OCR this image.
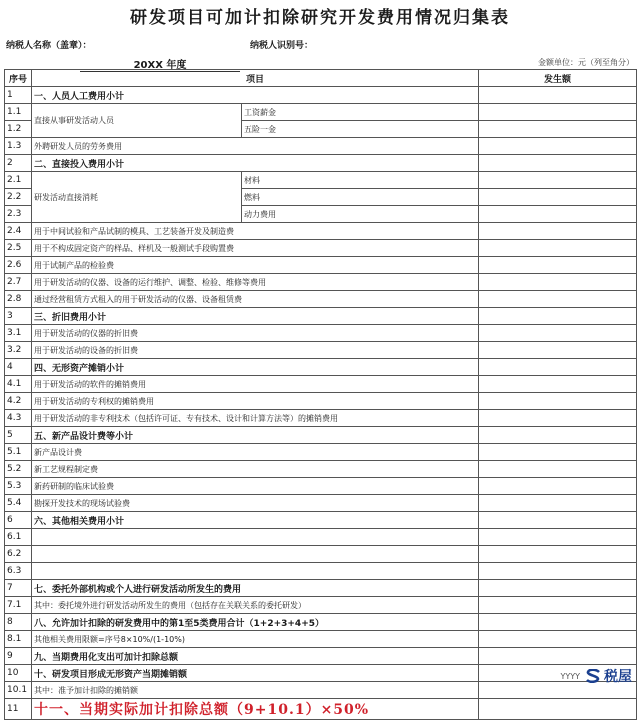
研发项目可加计扣除研究开发费用情况归集表
纳税人名称（盖章）：	纳税人识别号：
20XX 年度	金额单位：元（列至角分）
序号	项目		发生额
1	一、人员人工费用小计		
1.1	直接从事研发活动人员	工资薪金	
1.2		五险一金	
1.3	外聘研发人员的劳务费用		
2	二、直接投入费用小计		
2.1	研发活动直接消耗	材料	
2.2		燃料	
2.3		动力费用	
2.4	用于中间试验和产品试制的模具、工艺装备开发及制造费		
2.5	用于不构成固定资产的样品、样机及一般测试手段购置费		
2.6	用于试制产品的检验费		
2.7	用于研发活动的仪器、设备的运行维护、调整、检验、维修等费用		
2.8	通过经营租赁方式租入的用于研发活动的仪器、设备租赁费		
3	三、折旧费用小计		
3.1	用于研发活动的仪器的折旧费		
3.2	用于研发活动的设备的折旧费		
4	四、无形资产摊销小计		
4.1	用于研发活动的软件的摊销费用		
4.2	用于研发活动的专利权的摊销费用		
4.3	用于研发活动的非专利技术（包括许可证、专有技术、设计和计算方法等）的摊销费用		
5	五、新产品设计费等小计		
5.1	新产品设计费		
5.2	新工艺规程制定费		
5.3	新药研制的临床试验费		
5.4	勘探开发技术的现场试验费		
6	六、其他相关费用小计		
6.1			
6.2			
6.3			
7	七、委托外部机构或个人进行研发活动所发生的费用		
7.1	其中：委托境外进行研发活动所发生的费用（包括存在关联关系的委托研发）		
8	八、允许加计扣除的研发费用中的第1至5类费用合计（1+2+3+4+5）		
8.1	其他相关费用限额=序号8×10%/(1-10%)		
9	九、当期费用化支出可加计扣除总额		
10	十、研发项目形成无形资产当期摊销额		
10.1	其中：准予加计扣除的摊销额		
11	十一、当期实际加计扣除总额（9+10.1）×50%		
YYYY 税屋
